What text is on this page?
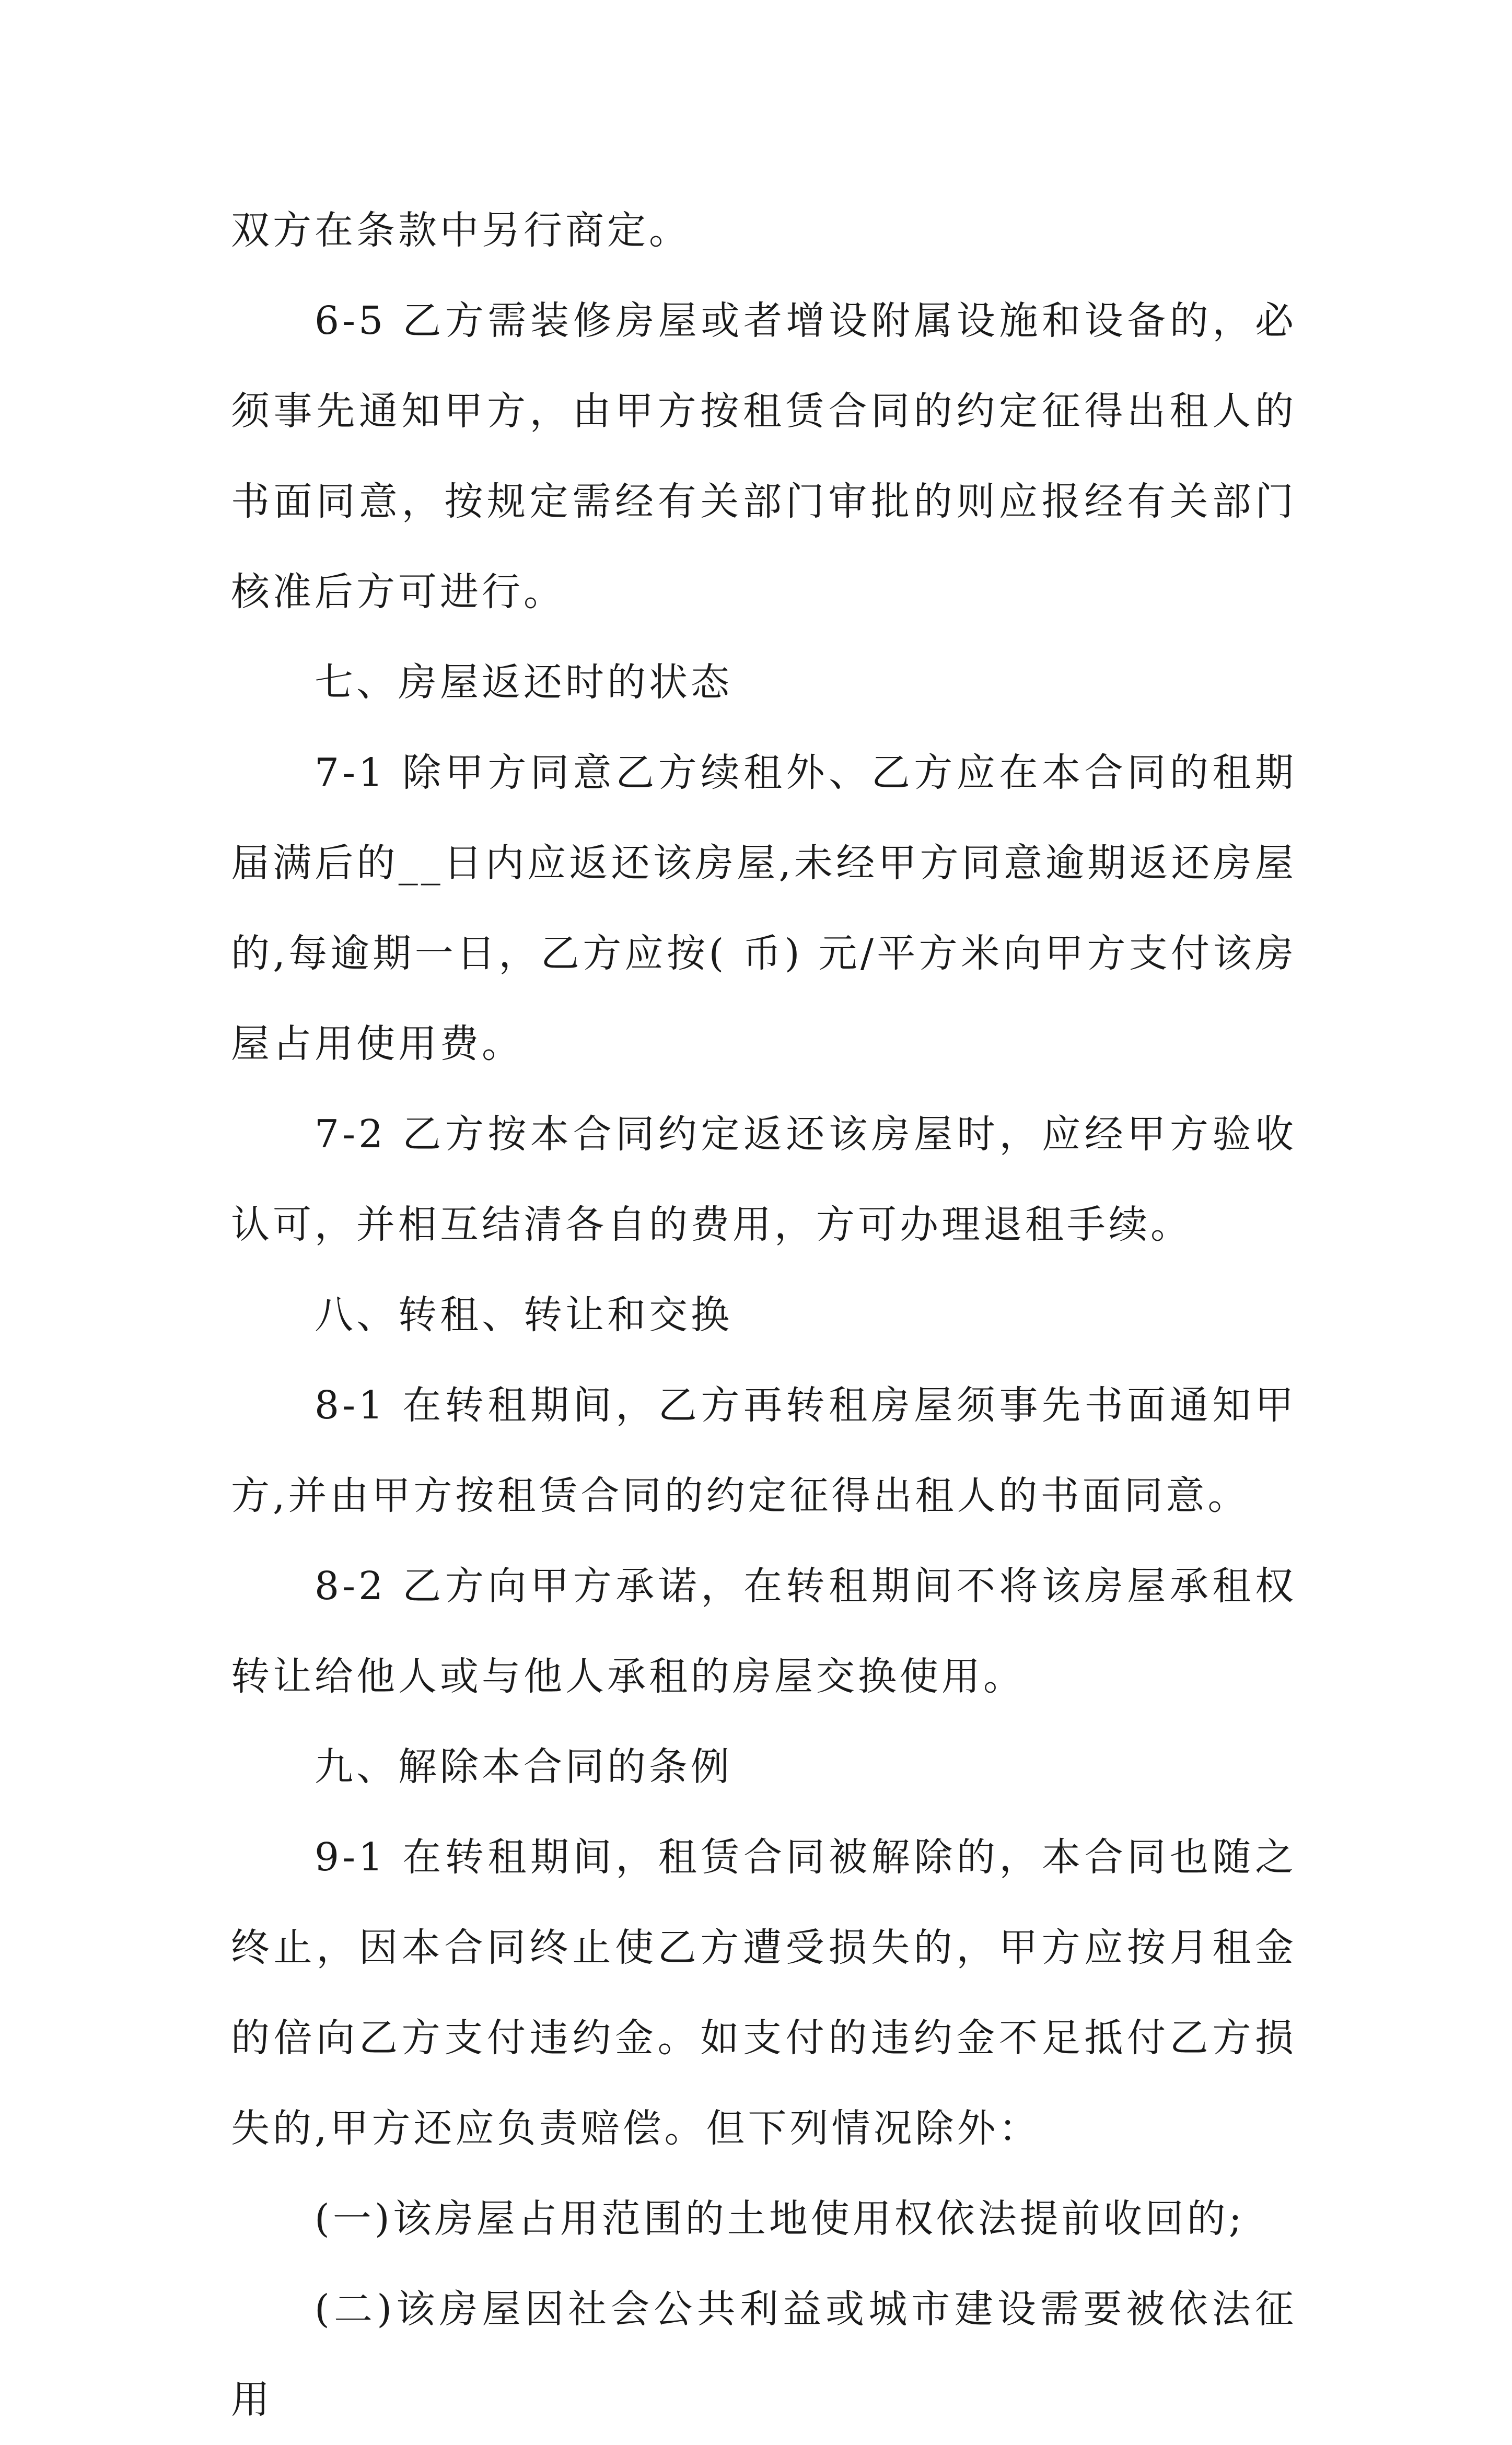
双方在条款中另行商定。

6-5 乙方需装修房屋或者增设附属设施和设备的，必须事先通知甲方，由甲方按租赁合同的约定征得出租人的书面同意，按规定需经有关部门审批的则应报经有关部门核准后方可进行。

七、房屋返还时的状态

7-1 除甲方同意乙方续租外、乙方应在本合同的租期届满后的__日内应返还该房屋,未经甲方同意逾期返还房屋的,每逾期一日，乙方应按( 币) 元/平方米向甲方支付该房屋占用使用费。

7-2 乙方按本合同约定返还该房屋时，应经甲方验收认可，并相互结清各自的费用，方可办理退租手续。

八、转租、转让和交换

8-1 在转租期间，乙方再转租房屋须事先书面通知甲方,并由甲方按租赁合同的约定征得出租人的书面同意。

8-2 乙方向甲方承诺，在转租期间不将该房屋承租权转让给他人或与他人承租的房屋交换使用。

九、解除本合同的条例

9-1 在转租期间，租赁合同被解除的，本合同也随之终止，因本合同终止使乙方遭受损失的，甲方应按月租金的倍向乙方支付违约金。如支付的违约金不足抵付乙方损失的,甲方还应负责赔偿。但下列情况除外：

(一)该房屋占用范围的土地使用权依法提前收回的;

(二)该房屋因社会公共利益或城市建设需要被依法征用
